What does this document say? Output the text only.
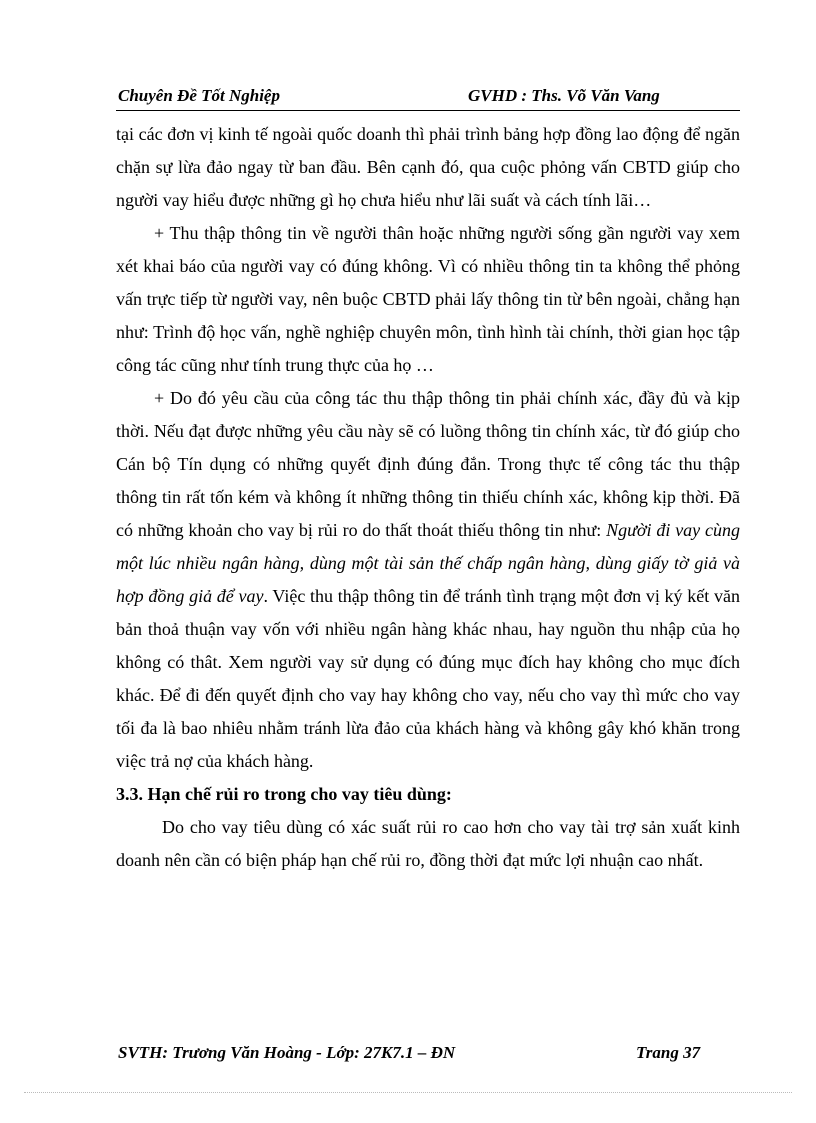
Chuyên Đề Tốt Nghiệp	GVHD : Ths. Võ Văn Vang

tại các đơn vị kinh tế ngoài quốc doanh thì phải trình bảng hợp đồng lao động để ngăn chặn sự lừa đảo ngay từ ban đầu. Bên cạnh đó, qua cuộc phỏng vấn CBTD giúp cho người vay hiểu được những gì họ chưa hiểu như lãi suất và cách tính lãi…

+ Thu thập thông tin về người thân hoặc những người sống gần người vay xem xét khai báo của người vay có đúng không. Vì có nhiều thông tin ta không thể phỏng vấn trực tiếp từ người vay, nên buộc CBTD phải lấy thông tin từ bên ngoài, chẳng hạn như: Trình độ học vấn, nghề nghiệp chuyên môn, tình hình tài chính, thời gian học tập công tác cũng như tính trung thực của họ …

+ Do đó yêu cầu của công tác thu thập thông tin phải chính xác, đầy đủ và kịp thời. Nếu đạt được những yêu cầu này sẽ có luồng thông tin chính xác, từ đó giúp cho Cán bộ Tín dụng có những quyết định đúng đắn. Trong thực tế công tác thu thập thông tin rất tốn kém và không ít những thông tin thiếu chính xác, không kịp thời. Đã có những khoản cho vay bị rủi ro do thất thoát thiếu thông tin như: Người đi vay cùng một lúc nhiều ngân hàng, dùng một tài sản thế chấp ngân hàng, dùng giấy tờ giả và hợp đồng giả để vay. Việc thu thập thông tin để tránh tình trạng một đơn vị ký kết văn bản thoả thuận vay vốn với nhiều ngân hàng khác nhau, hay nguồn thu nhập của họ không có thât. Xem người vay sử dụng có đúng mục đích hay không cho mục đích khác. Để đi đến quyết định cho vay hay không cho vay, nếu cho vay thì mức cho vay tối đa là bao nhiêu nhằm tránh lừa đảo của khách hàng và không gây khó khăn trong việc trả nợ của khách hàng.

3.3. Hạn chế rủi ro trong cho vay tiêu dùng:

Do cho vay tiêu dùng có xác suất rủi ro cao hơn cho vay tài trợ sản xuất kinh doanh nên cần có biện pháp hạn chế rủi ro, đồng thời đạt mức lợi nhuận cao nhất.

SVTH: Trương Văn Hoàng - Lớp: 27K7.1 – ĐN	Trang 37
